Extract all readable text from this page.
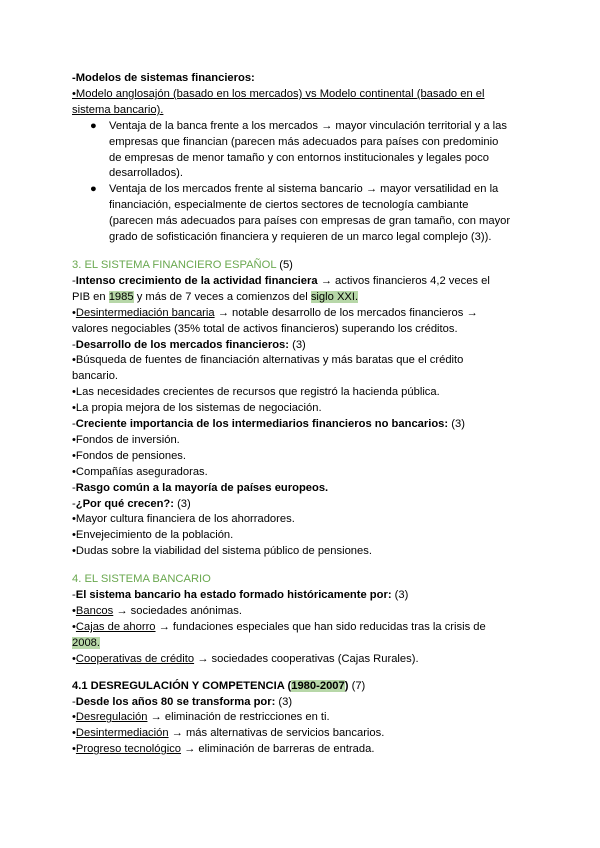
-Modelos de sistemas financieros:
•Modelo anglosajón (basado en los mercados) vs Modelo continental (basado en el
sistema bancario).
● Ventaja de la banca frente a los mercados → mayor vinculación territorial y a las
empresas que financian (parecen más adecuados para países con predominio
de empresas de menor tamaño y con entornos institucionales y legales poco
desarrollados).
● Ventaja de los mercados frente al sistema bancario → mayor versatilidad en la
financiación, especialmente de ciertos sectores de tecnología cambiante
(parecen más adecuados para países con empresas de gran tamaño, con mayor
grado de sofisticación financiera y requieren de un marco legal complejo (3)).
3. EL SISTEMA FINANCIERO ESPAÑOL (5)
-Intenso crecimiento de la actividad financiera → activos financieros 4,2 veces el
PIB en 1985 y más de 7 veces a comienzos del siglo XXI.
•Desintermediación bancaria → notable desarrollo de los mercados financieros →
valores negociables (35% total de activos financieros) superando los créditos.
-Desarrollo de los mercados financieros: (3)
•Búsqueda de fuentes de financiación alternativas y más baratas que el crédito
bancario.
•Las necesidades crecientes de recursos que registró la hacienda pública.
•La propia mejora de los sistemas de negociación.
-Creciente importancia de los intermediarios financieros no bancarios: (3)
•Fondos de inversión.
•Fondos de pensiones.
•Compañías aseguradoras.
-Rasgo común a la mayoría de países europeos.
-¿Por qué crecen?: (3)
•Mayor cultura financiera de los ahorradores.
•Envejecimiento de la población.
•Dudas sobre la viabilidad del sistema público de pensiones.
4. EL SISTEMA BANCARIO
-El sistema bancario ha estado formado históricamente por: (3)
•Bancos → sociedades anónimas.
•Cajas de ahorro → fundaciones especiales que han sido reducidas tras la crisis de
2008.
•Cooperativas de crédito → sociedades cooperativas (Cajas Rurales).
4.1 DESREGULACIÓN Y COMPETENCIA (1980-2007) (7)
-Desde los años 80 se transforma por: (3)
•Desregulación → eliminación de restricciones en ti.
•Desintermediación → más alternativas de servicios bancarios.
•Progreso tecnológico → eliminación de barreras de entrada.
